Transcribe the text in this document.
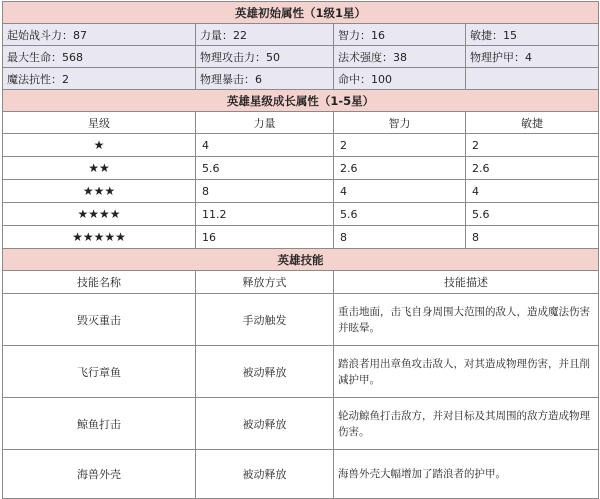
英雄初始属性（1级1星）			
起始战斗力：87	力量：22	智力：16	敏捷：15
最大生命：568	物理攻击力：50	法术强度：38	物理护甲：4
魔法抗性：2	物理暴击：6	命中：100	
英雄星级成长属性（1-5星）			
星级	力量	智力	敏捷
★	4	2	2
★★	5.6	2.6	2.6
★★★	8	4	4
★★★★	11.2	5.6	5.6
★★★★★	16	8	8
英雄技能			
技能名称	释放方式	技能描述	
毁灭重击	手动触发	重击地面，击飞自身周围大范围的敌人，造成魔法伤害并眩晕。	
飞行章鱼	被动释放	踏浪者用出章鱼攻击敌人，对其造成物理伤害，并且削减护甲。	
鲸鱼打击	被动释放	轮动鲸鱼打击敌方，并对目标及其周围的敌方造成物理伤害。	
海兽外壳	被动释放	海兽外壳大幅增加了踏浪者的护甲。	
